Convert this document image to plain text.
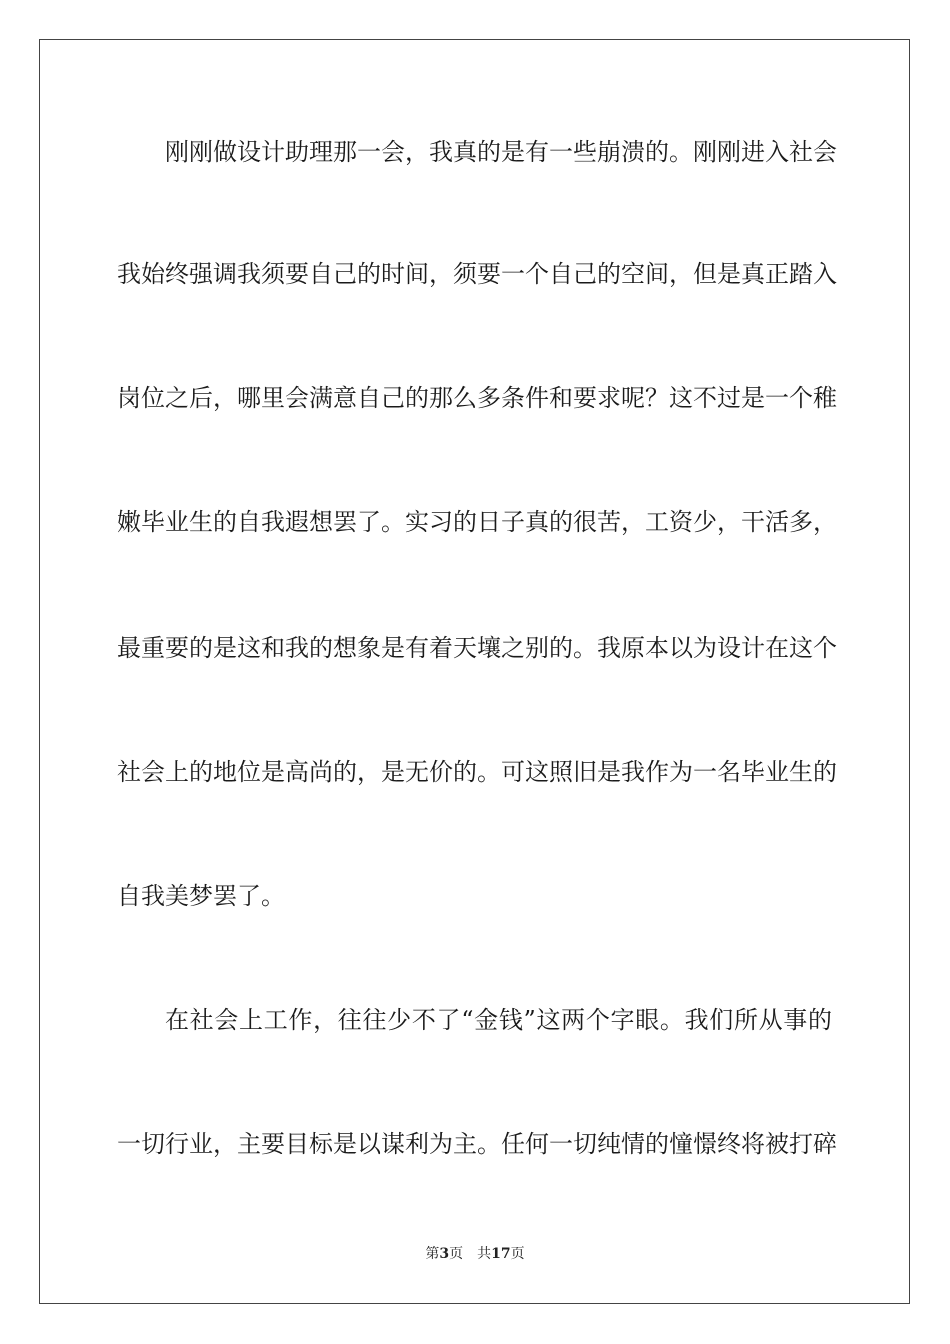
刚刚做设计助理那一会，我真的是有一些崩溃的。刚刚进入社会
我始终强调我须要自己的时间，须要一个自己的空间，但是真正踏入
岗位之后，哪里会满意自己的那么多条件和要求呢？这不过是一个稚
嫩毕业生的自我遐想罢了。实习的日子真的很苦，工资少，干活多，
最重要的是这和我的想象是有着天壤之别的。我原本以为设计在这个
社会上的地位是高尚的，是无价的。可这照旧是我作为一名毕业生的
自我美梦罢了。
在社会上工作，往往少不了“金钱”这两个字眼。我们所从事的
一切行业，主要目标是以谋利为主。任何一切纯情的憧憬终将被打碎
第3页 共17页
